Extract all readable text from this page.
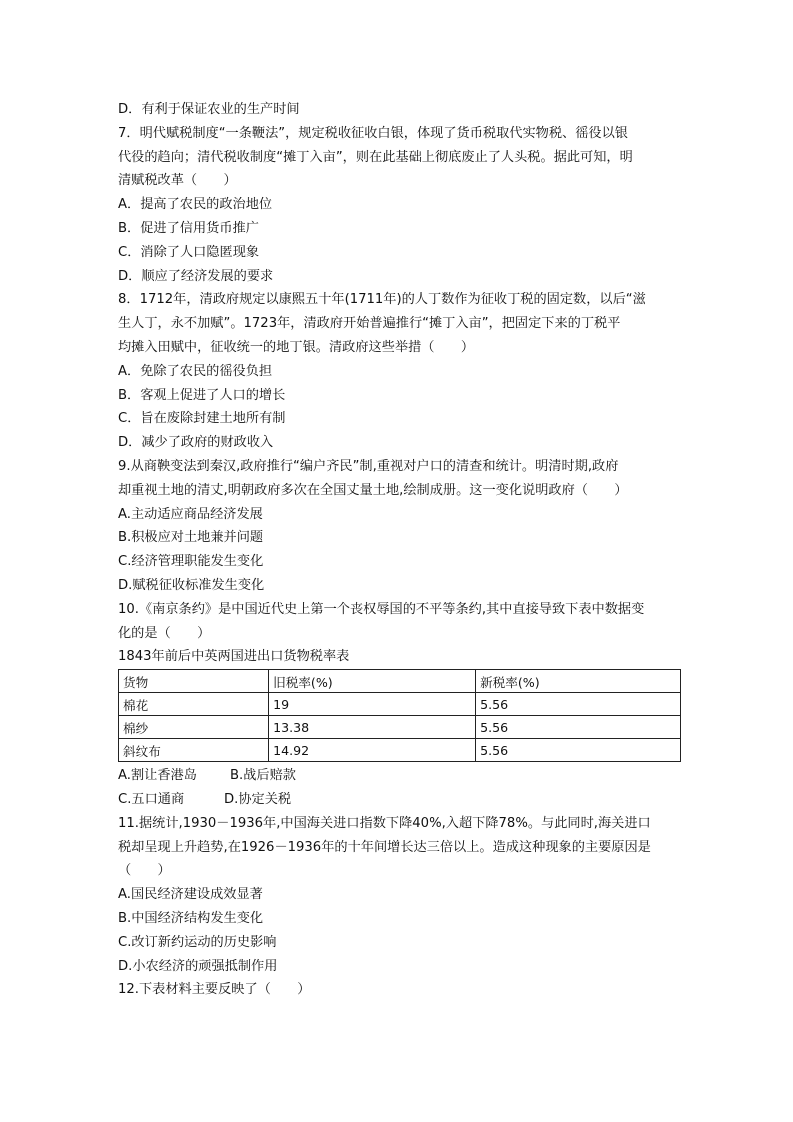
D．有利于保证农业的生产时间
7．明代赋税制度“一条鞭法”，规定税收征收白银，体现了货币税取代实物税、徭役以银
代役的趋向；清代税收制度“摊丁入亩”，则在此基础上彻底废止了人头税。据此可知，明
清赋税改革（　　）
A．提高了农民的政治地位
B．促进了信用货币推广
C．消除了人口隐匿现象
D．顺应了经济发展的要求
8．1712年，清政府规定以康熙五十年(1711年)的人丁数作为征收丁税的固定数，以后“滋
生人丁，永不加赋”。1723年，清政府开始普遍推行“摊丁入亩”，把固定下来的丁税平
均摊入田赋中，征收统一的地丁银。清政府这些举措（　　）
A．免除了农民的徭役负担
B．客观上促进了人口的增长
C．旨在废除封建土地所有制
D．减少了政府的财政收入
9.从商鞅变法到秦汉,政府推行“编户齐民”制,重视对户口的清查和统计。明清时期,政府
却重视土地的清丈,明朝政府多次在全国丈量土地,绘制成册。这一变化说明政府（　　）
A.主动适应商品经济发展
B.积极应对土地兼并问题
C.经济管理职能发生变化
D.赋税征收标准发生变化
10.《南京条约》是中国近代史上第一个丧权辱国的不平等条约,其中直接导致下表中数据变
化的是（　　）
1843年前后中英两国进出口货物税率表
货物	旧税率(%)	新税率(%)
棉花	19	5.56
棉纱	13.38	5.56
斜纹布	14.92	5.56
A.割让香港岛	B.战后赔款
C.五口通商	D.协定关税
11.据统计,1930－1936年,中国海关进口指数下降40%,入超下降78%。与此同时,海关进口
税却呈现上升趋势,在1926－1936年的十年间增长达三倍以上。造成这种现象的主要原因是
（　　）
A.国民经济建设成效显著
B.中国经济结构发生变化
C.改订新约运动的历史影响
D.小农经济的顽强抵制作用
12.下表材料主要反映了（　　）
